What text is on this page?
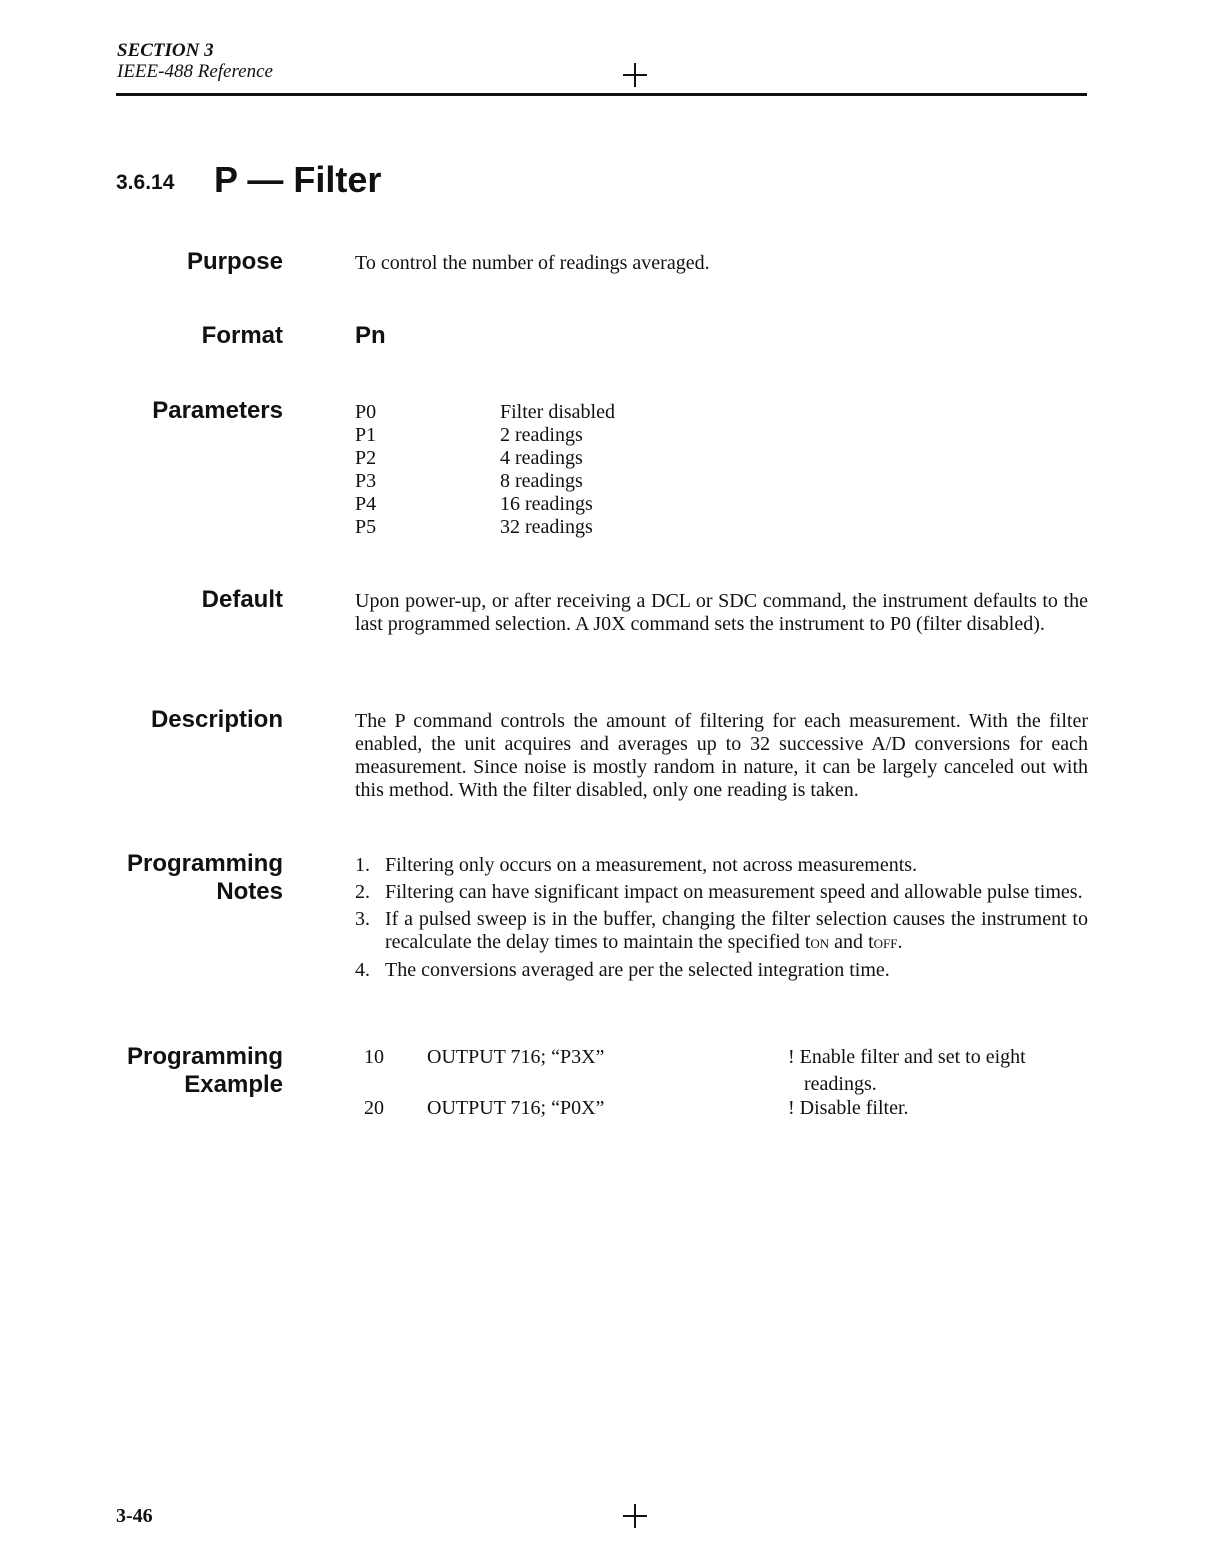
SECTION 3
IEEE-488 Reference
3.6.14 P — Filter
Purpose	To control the number of readings averaged.
Format	Pn
Parameters	P0	Filter disabled
P1	2 readings
P2	4 readings
P3	8 readings
P4	16 readings
P5	32 readings
Default	Upon power-up, or after receiving a DCL or SDC command, the instrument defaults to the last programmed selection. A J0X command sets the instrument to P0 (filter disabled).
Description	The P command controls the amount of filtering for each measurement. With the filter enabled, the unit acquires and averages up to 32 successive A/D conversions for each measurement. Since noise is mostly random in nature, it can be largely canceled out with this method. With the filter disabled, only one reading is taken.
Programming
Notes
1. Filtering only occurs on a measurement, not across measurements.
2. Filtering can have significant impact on measurement speed and allowable pulse times.
3. If a pulsed sweep is in the buffer, changing the filter selection causes the instrument to recalculate the delay times to maintain the specified tON and tOFF.
4. The conversions averaged are per the selected integration time.
Programming
Example
10 OUTPUT 716; “P3X”	! Enable filter and set to eight
readings.
20 OUTPUT 716; “P0X”	! Disable filter.
3-46
